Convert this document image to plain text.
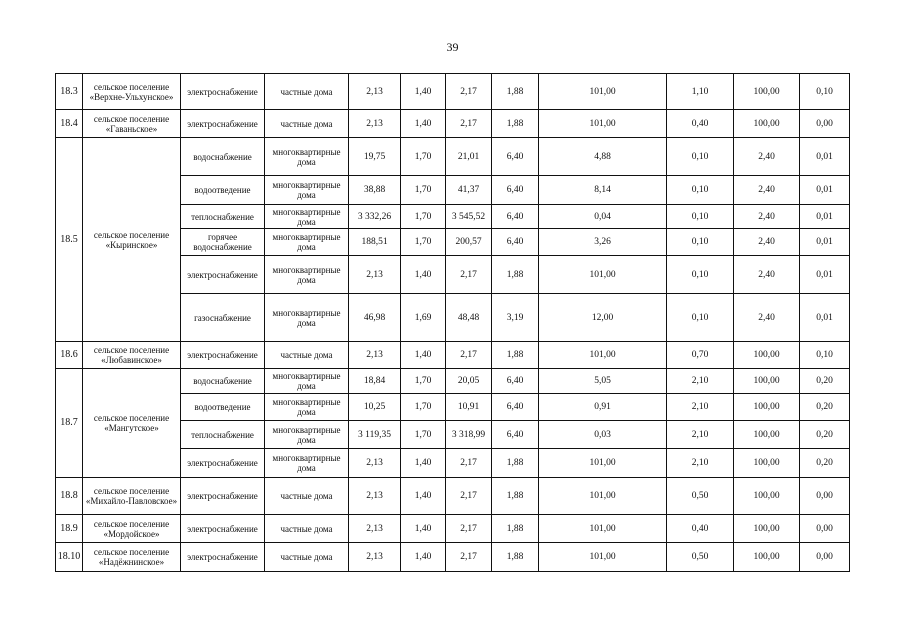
39
18.3	сельское поселение «Верхне-Ульхунское»	электроснабжение	частные дома	2,13	1,40	2,17	1,88	101,00	1,10	100,00	0,10
18.4	сельское поселение «Гаваньское»	электроснабжение	частные дома	2,13	1,40	2,17	1,88	101,00	0,40	100,00	0,00
18.5	сельское поселение «Кыринское»	водоснабжение	многоквартирные дома	19,75	1,70	21,01	6,40	4,88	0,10	2,40	0,01
		водоотведение	многоквартирные дома	38,88	1,70	41,37	6,40	8,14	0,10	2,40	0,01
		теплоснабжение	многоквартирные дома	3 332,26	1,70	3 545,52	6,40	0,04	0,10	2,40	0,01
		горячее водоснабжение	многоквартирные дома	188,51	1,70	200,57	6,40	3,26	0,10	2,40	0,01
		электроснабжение	многоквартирные дома	2,13	1,40	2,17	1,88	101,00	0,10	2,40	0,01
		газоснабжение	многоквартирные дома	46,98	1,69	48,48	3,19	12,00	0,10	2,40	0,01
18.6	сельское поселение «Любавинское»	электроснабжение	частные дома	2,13	1,40	2,17	1,88	101,00	0,70	100,00	0,10
18.7	сельское поселение «Мангутское»	водоснабжение	многоквартирные дома	18,84	1,70	20,05	6,40	5,05	2,10	100,00	0,20
		водоотведение	многоквартирные дома	10,25	1,70	10,91	6,40	0,91	2,10	100,00	0,20
		теплоснабжение	многоквартирные дома	3 119,35	1,70	3 318,99	6,40	0,03	2,10	100,00	0,20
		электроснабжение	многоквартирные дома	2,13	1,40	2,17	1,88	101,00	2,10	100,00	0,20
18.8	сельское поселение «Михайло-Павловское»	электроснабжение	частные дома	2,13	1,40	2,17	1,88	101,00	0,50	100,00	0,00
18.9	сельское поселение «Мордойское»	электроснабжение	частные дома	2,13	1,40	2,17	1,88	101,00	0,40	100,00	0,00
18.10	сельское поселение «Надёжнинское»	электроснабжение	частные дома	2,13	1,40	2,17	1,88	101,00	0,50	100,00	0,00
